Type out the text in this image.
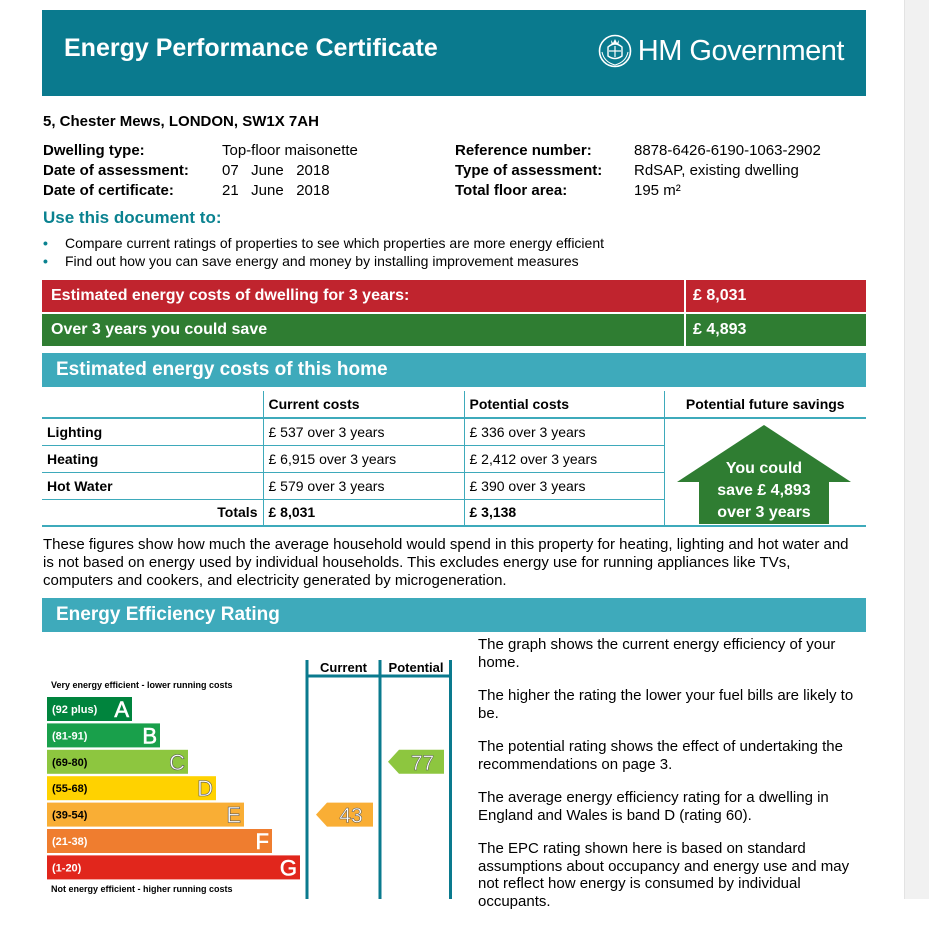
Energy Performance Certificate	HM Government
5, Chester Mews, LONDON, SW1X 7AH
Dwelling type:	Top-floor maisonette
Date of assessment:	07   June   2018
Date of certificate:	21   June   2018
Reference number:	8878-6426-6190-1063-2902
Type of assessment:	RdSAP, existing dwelling
Total floor area:	195 m²
Use this document to:
•	Compare current ratings of properties to see which properties are more energy efficient
•	Find out how you can save energy and money by installing improvement measures
Estimated energy costs of dwelling for 3 years:	£ 8,031
Over 3 years you could save	£ 4,893
Estimated energy costs of this home
	Current costs	Potential costs	Potential future savings
Lighting	£ 537 over 3 years	£ 336 over 3 years	
Heating	£ 6,915 over 3 years	£ 2,412 over 3 years	
Hot Water	£ 579 over 3 years	£ 390 over 3 years	
Totals	£ 8,031	£ 3,138	
You could
save £ 4,893
over 3 years
These figures show how much the average household would spend in this property for heating, lighting and hot water and is not based on energy used by individual households. This excludes energy use for running appliances like TVs, computers and cookers, and electricity generated by microgeneration.
Energy Efficiency Rating
Current Potential
Very energy efficient - lower running costs
Not energy efficient - higher running costs
(92 plus) A
(81-91) B
(69-80)	C
(55-68)	D
(39-54)	E
(21-38)	F
(1-20)	G
43
77

The graph shows the current energy efficiency of your home.

The higher the rating the lower your fuel bills are likely to be.

The potential rating shows the effect of undertaking the recommendations on page 3.

The average energy efficiency rating for a dwelling in England and Wales is band D (rating 60).

The EPC rating shown here is based on standard assumptions about occupancy and energy use and may not reflect how energy is consumed by individual occupants.
